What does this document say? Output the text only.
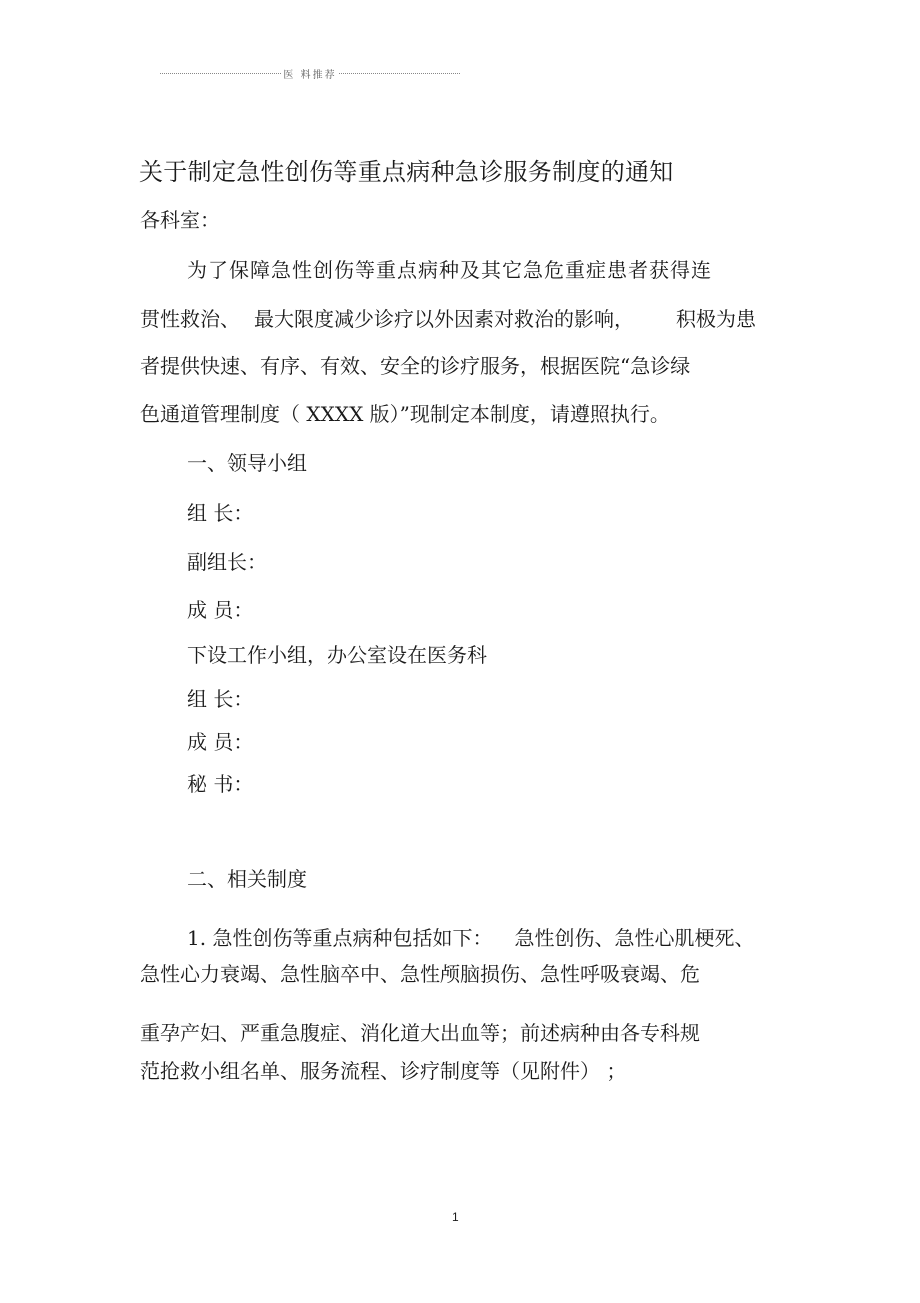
医 料推荐
关于制定急性创伤等重点病种急诊服务制度的通知
各科室：
为了保障急性创伤等重点病种及其它急危重症患者获得连
贯性救治、 最大限度减少诊疗以外因素对救治的影响， 积极为患
者提供快速、有序、有效、安全的诊疗服务，根据医院“急诊绿
色通道管理制度（ XXXX 版）”现制定本制度，请遵照执行。
一、领导小组
组 长：
副组长：
成 员：
下设工作小组，办公室设在医务科
组 长：
成 员：
秘 书：
二、相关制度
1. 急性创伤等重点病种包括如下： 急性创伤、急性心肌梗死、
急性心力衰竭、急性脑卒中、急性颅脑损伤、急性呼吸衰竭、危
重孕产妇、严重急腹症、消化道大出血等；前述病种由各专科规
范抢救小组名单、服务流程、诊疗制度等（见附件） ；
1
